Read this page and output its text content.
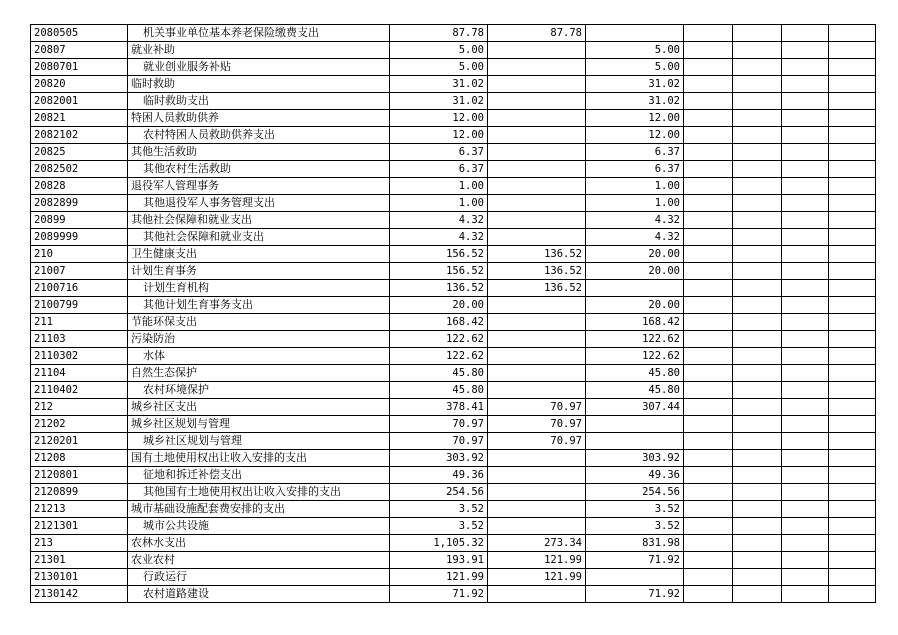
2080505	机关事业单位基本养老保险缴费支出	87.78	87.78					
20807	就业补助	5.00		5.00				
2080701	就业创业服务补贴	5.00		5.00				
20820	临时救助	31.02		31.02				
2082001	临时救助支出	31.02		31.02				
20821	特困人员救助供养	12.00		12.00				
2082102	农村特困人员救助供养支出	12.00		12.00				
20825	其他生活救助	6.37		6.37				
2082502	其他农村生活救助	6.37		6.37				
20828	退役军人管理事务	1.00		1.00				
2082899	其他退役军人事务管理支出	1.00		1.00				
20899	其他社会保障和就业支出	4.32		4.32				
2089999	其他社会保障和就业支出	4.32		4.32				
210	卫生健康支出	156.52	136.52	20.00				
21007	计划生育事务	156.52	136.52	20.00				
2100716	计划生育机构	136.52	136.52					
2100799	其他计划生育事务支出	20.00		20.00				
211	节能环保支出	168.42		168.42				
21103	污染防治	122.62		122.62				
2110302	水体	122.62		122.62				
21104	自然生态保护	45.80		45.80				
2110402	农村环境保护	45.80		45.80				
212	城乡社区支出	378.41	70.97	307.44				
21202	城乡社区规划与管理	70.97	70.97					
2120201	城乡社区规划与管理	70.97	70.97					
21208	国有土地使用权出让收入安排的支出	303.92		303.92				
2120801	征地和拆迁补偿支出	49.36		49.36				
2120899	其他国有土地使用权出让收入安排的支出	254.56		254.56				
21213	城市基础设施配套费安排的支出	3.52		3.52				
2121301	城市公共设施	3.52		3.52				
213	农林水支出	1,105.32	273.34	831.98				
21301	农业农村	193.91	121.99	71.92				
2130101	行政运行	121.99	121.99					
2130142	农村道路建设	71.92		71.92				
